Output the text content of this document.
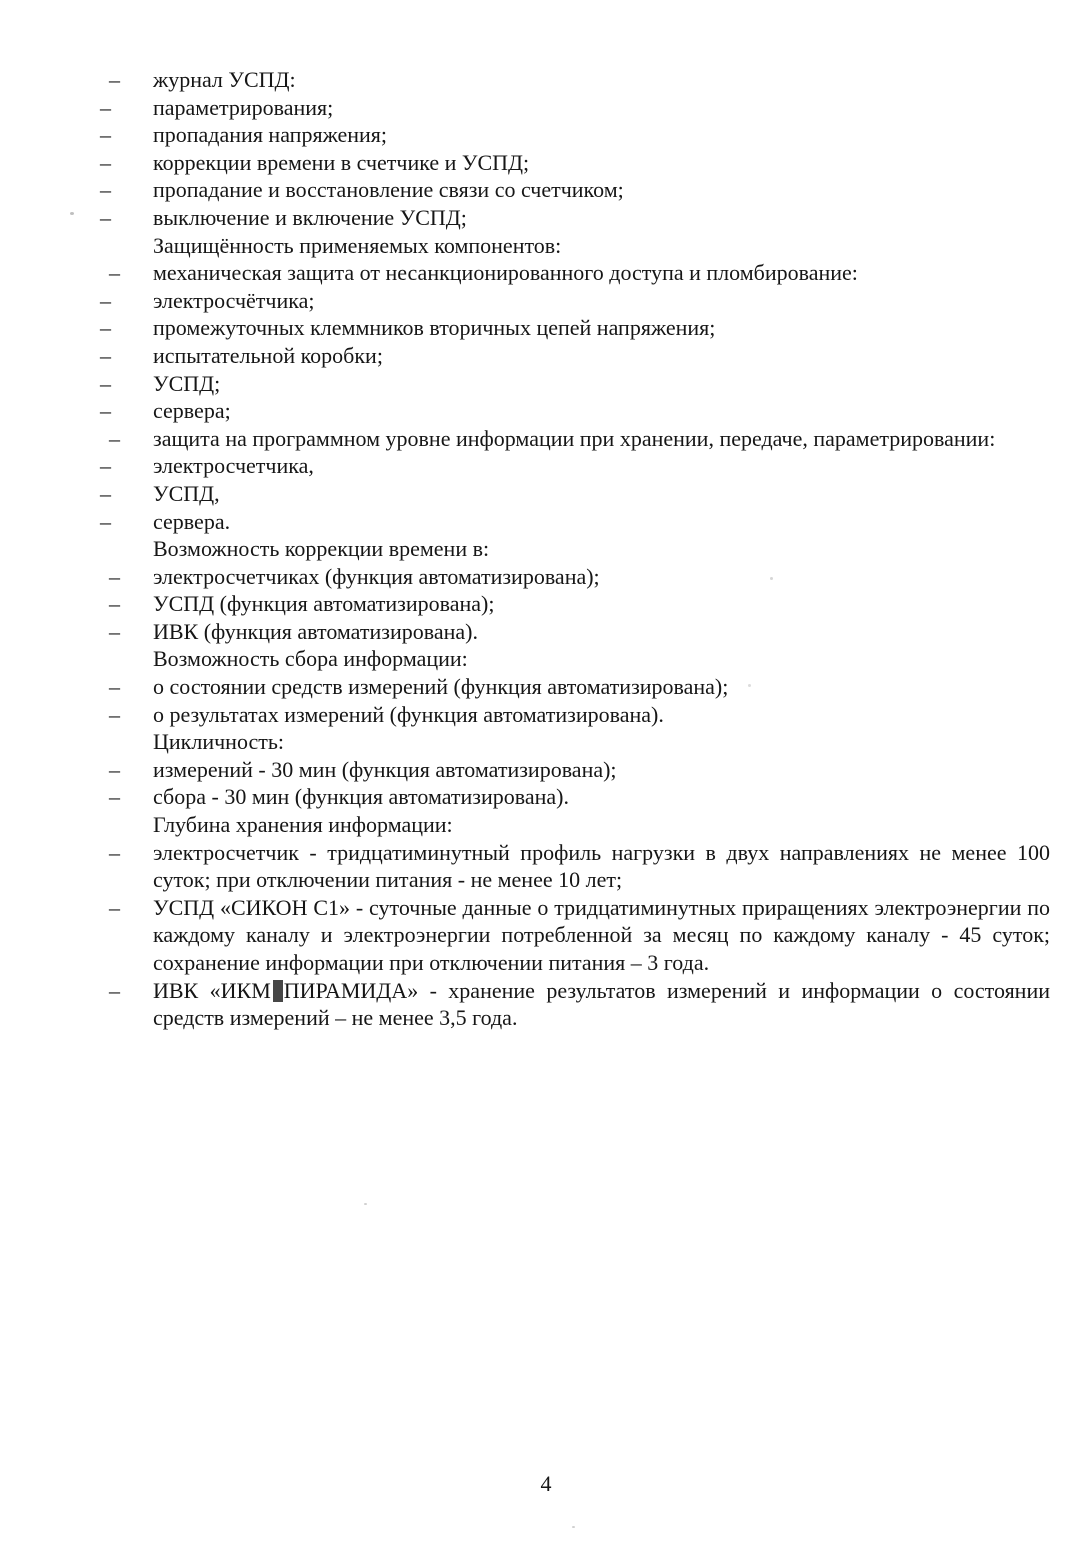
– журнал УСПД:

– параметрирования;

– пропадания напряжения;

– коррекции времени в счетчике и УСПД;

– пропадание и восстановление связи со счетчиком;

– выключение и включение УСПД;

Защищённость применяемых компонентов:

– механическая защита от несанкционированного доступа и пломбирование:

– электросчётчика;

– промежуточных клеммников вторичных цепей напряжения;

– испытательной коробки;

– УСПД;

– сервера;

– защита на программном уровне информации при хранении, передаче, параметрировании:

– электросчетчика,

– УСПД,

– сервера.

Возможность коррекции времени в:

– электросчетчиках (функция автоматизирована);

– УСПД (функция автоматизирована);

– ИВК (функция автоматизирована).

Возможность сбора информации:

– о состоянии средств измерений (функция автоматизирована);

– о результатах измерений (функция автоматизирована).

Цикличность:

– измерений - 30 мин (функция автоматизирована);

– сбора - 30 мин (функция автоматизирована).

Глубина хранения информации:

– электросчетчик - тридцатиминутный профиль нагрузки в двух направлениях не менее 100 суток; при отключении питания - не менее 10 лет;

– УСПД «СИКОН С1» - суточные данные о тридцатиминутных приращениях электроэнергии по каждому каналу и электроэнергии потребленной за месяц по каждому каналу - 45 суток; сохранение информации при отключении питания – 3 года.

– ИВК «ИКМ ПИРАМИДА» - хранение результатов измерений и информации о состоянии средств измерений – не менее 3,5 года.

4
